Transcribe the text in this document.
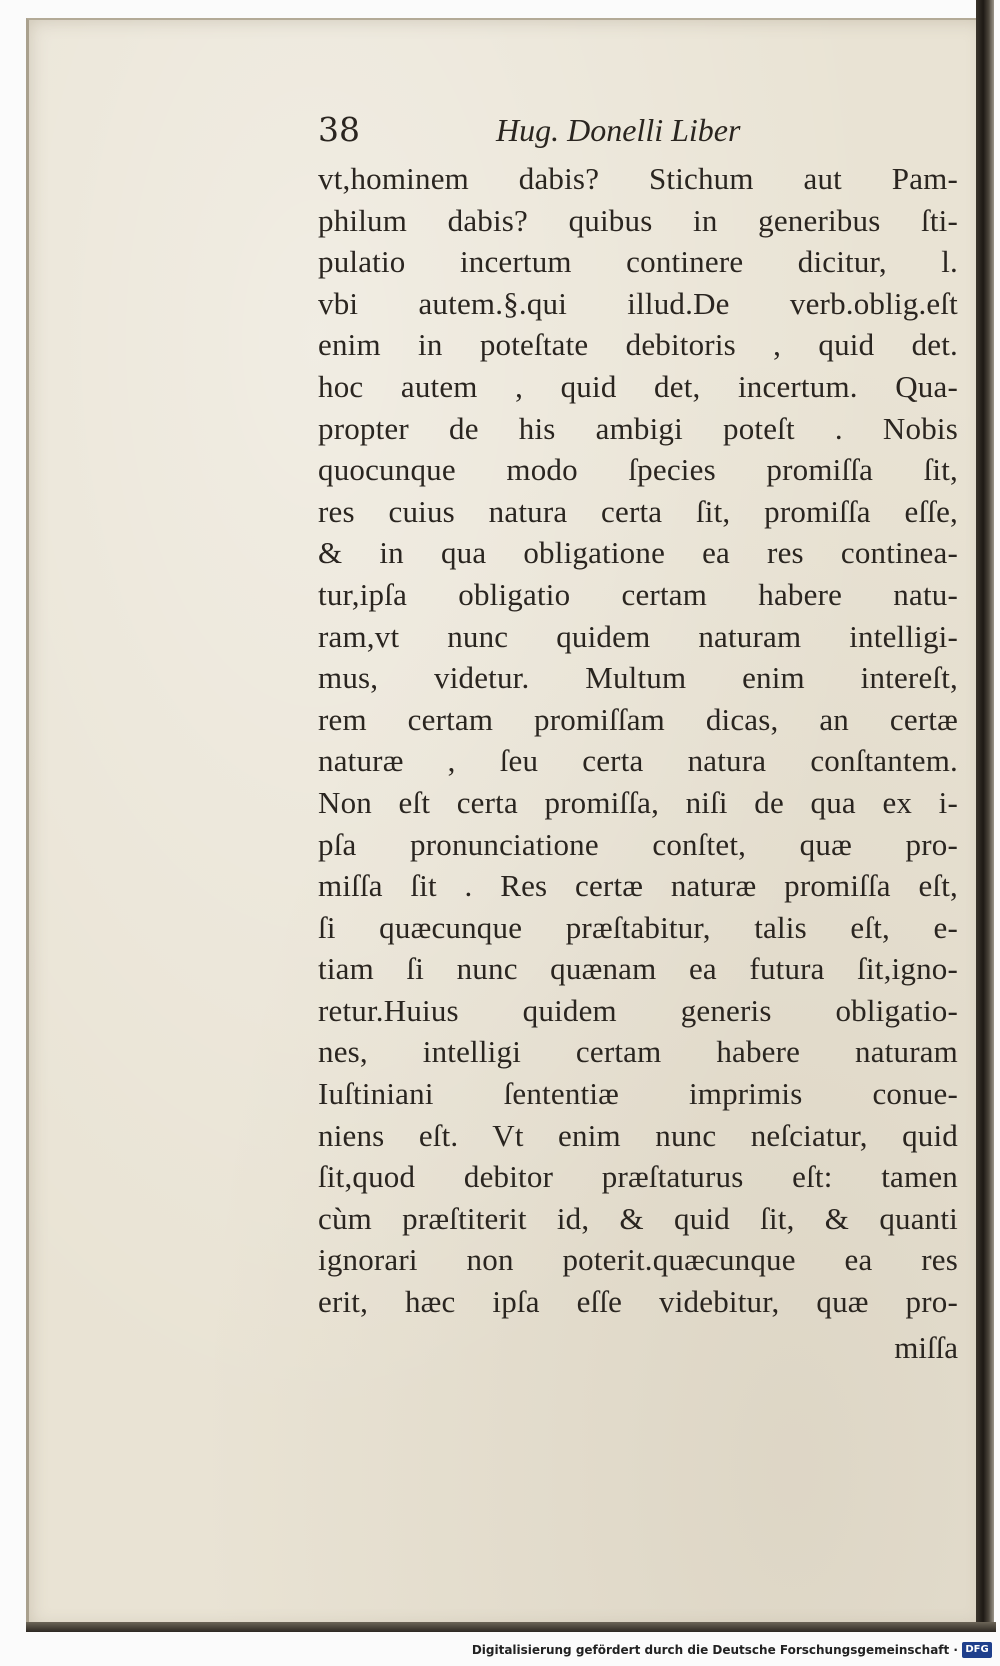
38	Hug. Donelli Liber
vt,hominem dabis? Stichum aut Pam-
philum dabis? quibus in generibus ſti-
pulatio incertum continere dicitur, l.
vbi autem.§.qui illud.De verb.oblig.eſt
enim in poteſtate debitoris , quid det.
hoc autem , quid det, incertum. Qua-
propter de his ambigi poteſt . Nobis
quocunque modo ſpecies promiſſa ſit,
res cuius natura certa ſit, promiſſa eſſe,
& in qua obligatione ea res continea-
tur,ipſa obligatio certam habere natu-
ram,vt nunc quidem naturam intelligi-
mus, videtur. Multum enim intereſt,
rem certam promiſſam dicas, an certæ
naturæ , ſeu certa natura conſtantem.
Non eſt certa promiſſa, niſi de qua ex i-
pſa pronunciatione conſtet, quæ pro-
miſſa ſit . Res certæ naturæ promiſſa eſt,
ſi quæcunque præſtabitur, talis eſt, e-
tiam ſi nunc quænam ea futura ſit,igno-
retur.Huius quidem generis obligatio-
nes, intelligi certam habere naturam
Iuſtiniani ſententiæ imprimis conue-
niens eſt. Vt enim nunc neſciatur, quid
ſit,quod debitor præſtaturus eſt: tamen
cùm præſtiterit id, & quid ſit, & quanti
ignorari non poterit.quæcunque ea res
erit, hæc ipſa eſſe videbitur, quæ pro-
miſſa
Digitalisierung gefördert durch die Deutsche Forschungsgemeinschaft · DFG
